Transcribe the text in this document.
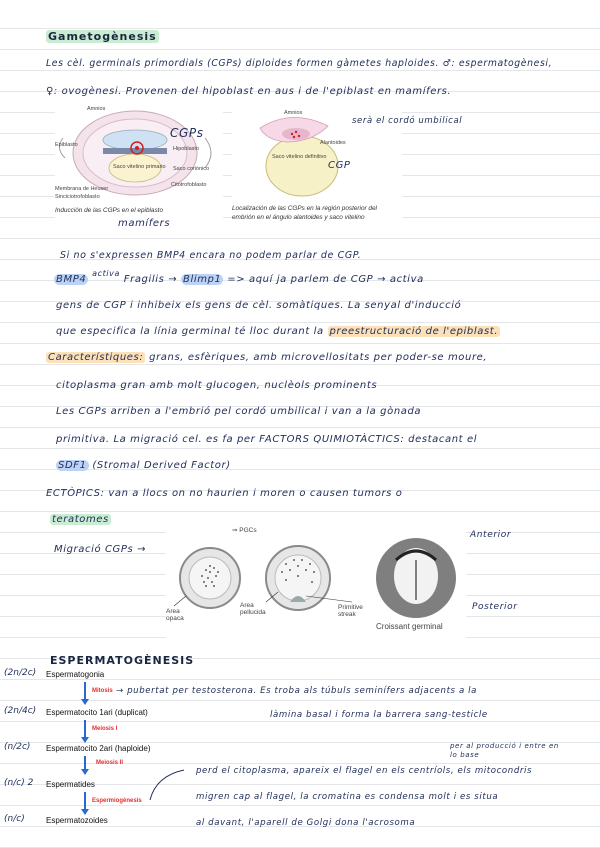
Gametogènesis
Les cèl. germinals primordials (CGPs) diploides formen gàmetes haploides. ♂: espermatogènesi,
♀: ovogènesi. Provenen del hipoblast en aus i de l'epiblast en mamífers.
Amnios
Epiblasto
Hipoblasto
Saco vitelino primario Saco coriónico
Citotrofoblasto
Membrana de Heuser
Sinciciotrofoblasto
Inducción de las CGPs en el epiblasto
CGPs
mamífers
Amnios
Alantoides
Saco vitelino definitivo
Localización de las CGPs en la región posterior del embrión en el ángulo alantoides y saco vitelino
CGP
serà el cordó umbilical
Si no s'expressen BMP4 encara no podem parlar de CGP.
BMP4 $^{activa}$ Fragilis → Blimp1 => aquí ja parlem de CGP → activa
gens de CGP i inhibeix els gens de cèl. somàtiques. La senyal d'inducció
que especifica la línia germinal té lloc durant la preestructuració de l'epiblast.
Característiques: grans, esfèriques, amb microvellositats per poder-se moure,
citoplasma gran amb molt glucogen, nuclèols prominents
Les CGPs arriben a l'embrió pel cordó umbilical i van a la gònada
primitiva. La migració cel. es fa per FACTORS QUIMIOTÀCTICS: destacant el
SDF1 (Stromal Derived Factor)
ECTÒPICS: van a llocs on no haurien i moren o causen tumors o
teratomes
Migració CGPs →
⇒ PGCs
Area opaca
Area pellucida
Primitive streak
Croissant germinal
Anterior
Posterior
ESPERMATOGÈNESIS
(2n/2c) Espermatogonia
Mitosis
(2n/4c) Espermatocito 1ari (duplicat)
Meiosis I
(n/2c) Espermatocito 2ari (haploide)
Meiosis II
(n/c) 2 Espermatides
Espermiogènesis
(n/c)	Espermatozoides
→ pubertat per testosterona. Es troba als túbuls seminífers adjacents a la
làmina basal i forma la barrera sang-testicle
per al producció i entre en lo base
perd el citoplasma, apareix el flagel en els centríols, els mitocondris
migren cap al flagel, la cromatina es condensa molt i es situa
al davant, l'aparell de Golgi dona l'acrosoma
